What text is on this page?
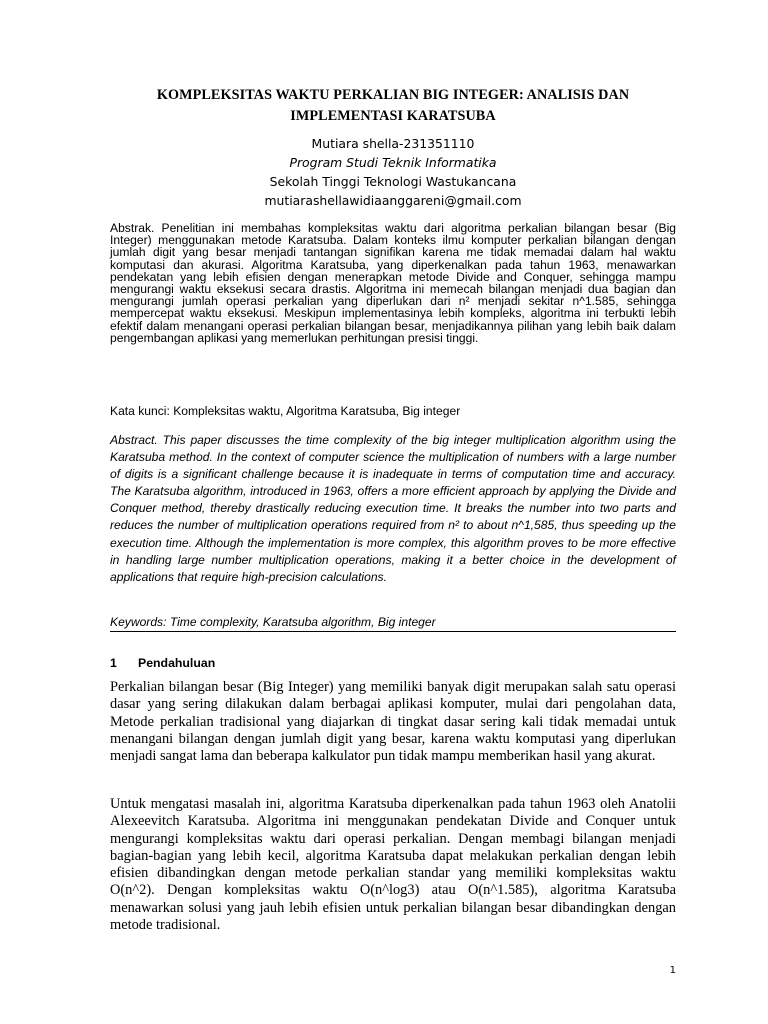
KOMPLEKSITAS WAKTU PERKALIAN BIG INTEGER: ANALISIS DAN IMPLEMENTASI KARATSUBA
Mutiara shella-231351110
Program Studi Teknik Informatika
Sekolah Tinggi Teknologi Wastukancana
mutiarashellawidiaanggareni@gmail.com
Abstrak. Penelitian ini membahas kompleksitas waktu dari algoritma perkalian bilangan besar (Big Integer) menggunakan metode Karatsuba. Dalam konteks ilmu komputer perkalian bilangan dengan jumlah digit yang besar menjadi tantangan signifikan karena me tidak memadai dalam hal waktu komputasi dan akurasi. Algoritma Karatsuba, yang diperkenalkan pada tahun 1963, menawarkan pendekatan yang lebih efisien dengan menerapkan metode Divide and Conquer, sehingga mampu mengurangi waktu eksekusi secara drastis. Algoritma ini memecah bilangan menjadi dua bagian dan mengurangi jumlah operasi perkalian yang diperlukan dari n² menjadi sekitar n^1.585, sehingga mempercepat waktu eksekusi. Meskipun implementasinya lebih kompleks, algoritma ini terbukti lebih efektif dalam menangani operasi perkalian bilangan besar, menjadikannya pilihan yang lebih baik dalam pengembangan aplikasi yang memerlukan perhitungan presisi tinggi.
Kata kunci: Kompleksitas waktu, Algoritma Karatsuba, Big integer
Abstract. This paper discusses the time complexity of the big integer multiplication algorithm using the Karatsuba method. In the context of computer science the multiplication of numbers with a large number of digits is a significant challenge because it is inadequate in terms of computation time and accuracy. The Karatsuba algorithm, introduced in 1963, offers a more efficient approach by applying the Divide and Conquer method, thereby drastically reducing execution time. It breaks the number into two parts and reduces the number of multiplication operations required from n² to about n^1,585, thus speeding up the execution time. Although the implementation is more complex, this algorithm proves to be more effective in handling large number multiplication operations, making it a better choice in the development of applications that require high-precision calculations.
Keywords: Time complexity, Karatsuba algorithm, Big integer
1 Pendahuluan
Perkalian bilangan besar (Big Integer) yang memiliki banyak digit merupakan salah satu operasi dasar yang sering dilakukan dalam berbagai aplikasi komputer, mulai dari pengolahan data, Metode perkalian tradisional yang diajarkan di tingkat dasar sering kali tidak memadai untuk menangani bilangan dengan jumlah digit yang besar, karena waktu komputasi yang diperlukan menjadi sangat lama dan beberapa kalkulator pun tidak mampu memberikan hasil yang akurat.
Untuk mengatasi masalah ini, algoritma Karatsuba diperkenalkan pada tahun 1963 oleh Anatolii Alexeevitch Karatsuba. Algoritma ini menggunakan pendekatan Divide and Conquer untuk mengurangi kompleksitas waktu dari operasi perkalian. Dengan membagi bilangan menjadi bagian-bagian yang lebih kecil, algoritma Karatsuba dapat melakukan perkalian dengan lebih efisien dibandingkan dengan metode perkalian standar yang memiliki kompleksitas waktu O(n^2). Dengan kompleksitas waktu O(n^log3) atau O(n^1.585), algoritma Karatsuba menawarkan solusi yang jauh lebih efisien untuk perkalian bilangan besar dibandingkan dengan metode tradisional.
1
